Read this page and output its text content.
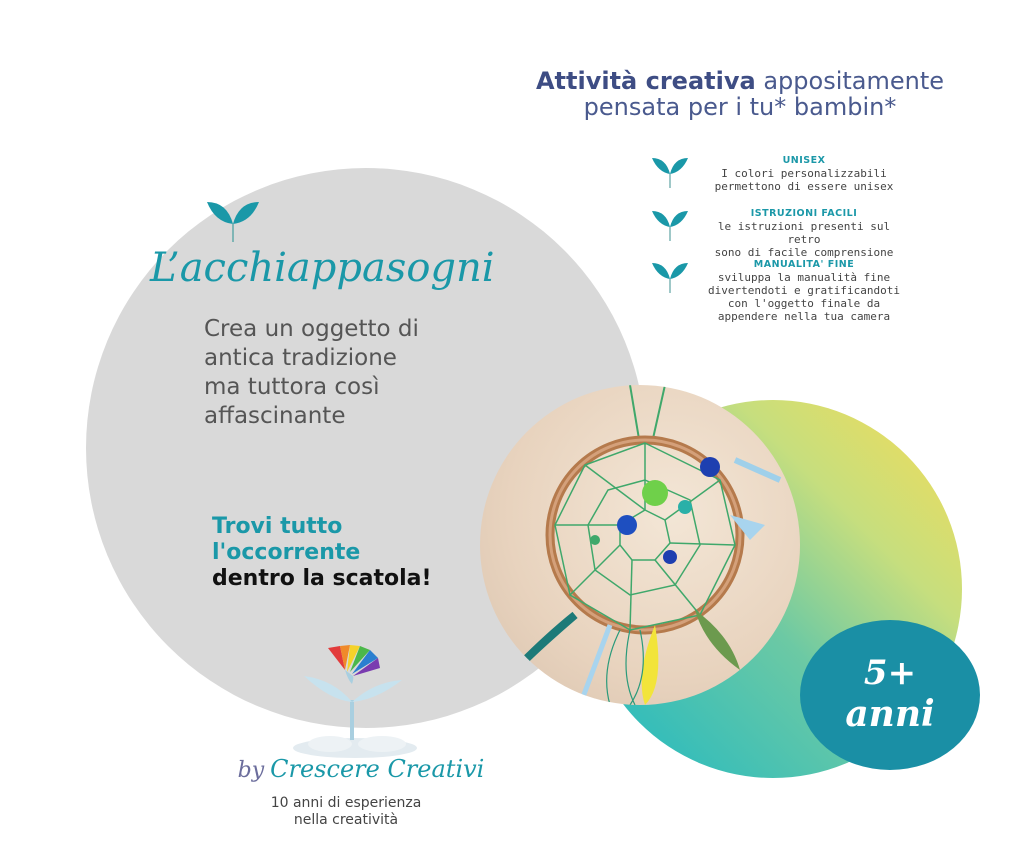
Attività creativa appositamente
pensata per i tu* bambin*
UNISEX
I colori personalizzabili
permettono di essere unisex
ISTRUZIONI FACILI
le istruzioni presenti sul retro
sono di facile comprensione
MANUALITA' FINE
sviluppa la manualità fine
divertendoti e gratificandoti
con l'oggetto finale da
appendere nella tua camera
L’acchiappasogni
Crea un oggetto di
antica tradizione
ma tuttora così
affascinante
Trovi tutto
l'occorrente
dentro la scatola!
by Crescere Creativi
10 anni di esperienza
nella creatività
5+
anni
